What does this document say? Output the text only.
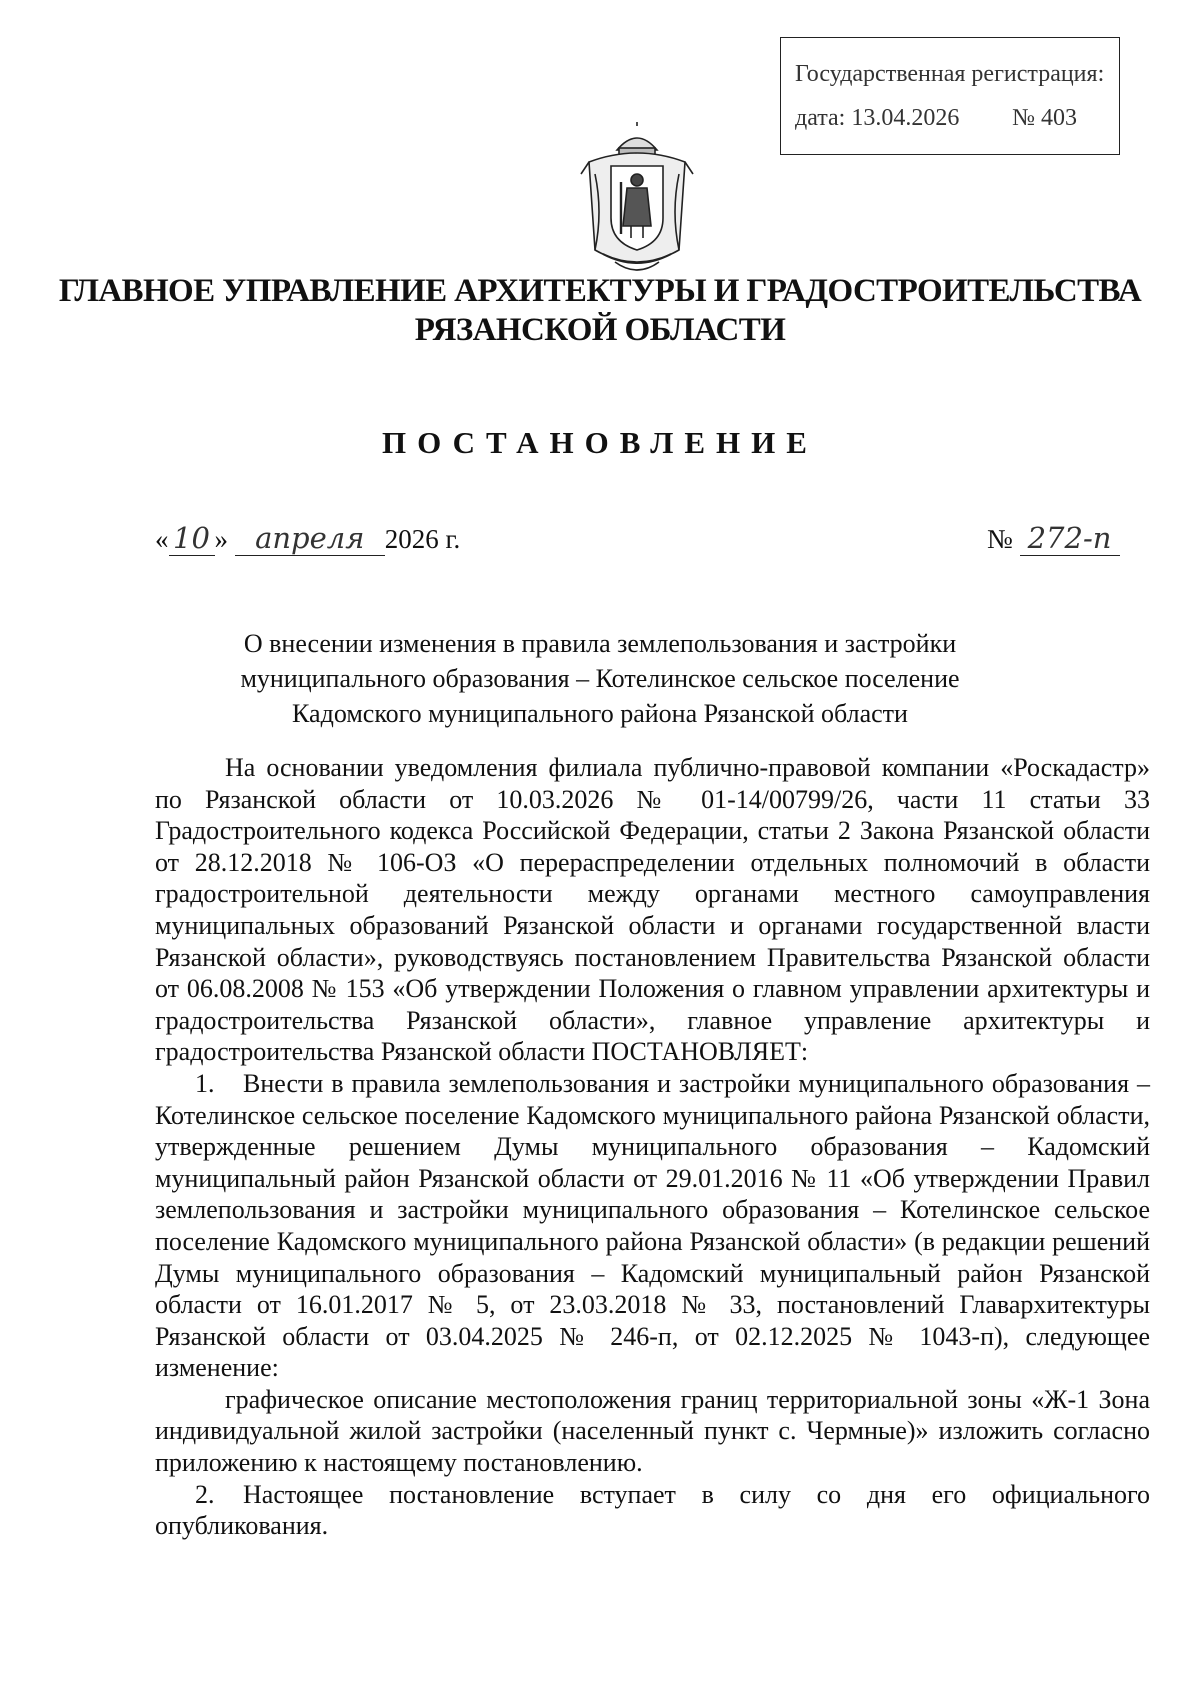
Государственная регистрация:
дата: 13.04.2026 № 403
ГЛАВНОЕ УПРАВЛЕНИЕ АРХИТЕКТУРЫ И ГРАДОСТРОИТЕЛЬСТВА
РЯЗАНСКОЙ ОБЛАСТИ
ПОСТАНОВЛЕНИЕ
« 10 » апреля 2026 г.	№ 272-п
О внесении изменения в правила землепользования и застройки
муниципального образования – Котелинское сельское поселение
Кадомского муниципального района Рязанской области

На основании уведомления филиала публично-правовой компании «Роскадастр» по Рязанской области от 10.03.2026 № 01-14/00799/26, части 11 статьи 33 Градостроительного кодекса Российской Федерации, статьи 2 Закона Рязанской области от 28.12.2018 № 106-ОЗ «О перераспределении отдельных полномочий в области градостроительной деятельности между органами местного самоуправления муниципальных образований Рязанской области и органами государственной власти Рязанской области», руководствуясь постановлением Правительства Рязанской области от 06.08.2008 № 153 «Об утверждении Положения о главном управлении архитектуры и градостроительства Рязанской области», главное управление архитектуры и градостроительства Рязанской области ПОСТАНОВЛЯЕТ:

1. Внести в правила землепользования и застройки муниципального образования – Котелинское сельское поселение Кадомского муниципального района Рязанской области, утвержденные решением Думы муниципального образования – Кадомский муниципальный район Рязанской области от 29.01.2016 № 11 «Об утверждении Правил землепользования и застройки муниципального образования – Котелинское сельское поселение Кадомского муниципального района Рязанской области» (в редакции решений Думы муниципального образования – Кадомский муниципальный район Рязанской области от 16.01.2017 № 5, от 23.03.2018 № 33, постановлений Главархитектуры Рязанской области от 03.04.2025 № 246-п, от 02.12.2025 № 1043-п), следующее изменение:

графическое описание местоположения границ территориальной зоны «Ж-1 Зона индивидуальной жилой застройки (населенный пункт с. Чермные)» изложить согласно приложению к настоящему постановлению.

2. Настоящее постановление вступает в силу со дня его официального опубликования.
